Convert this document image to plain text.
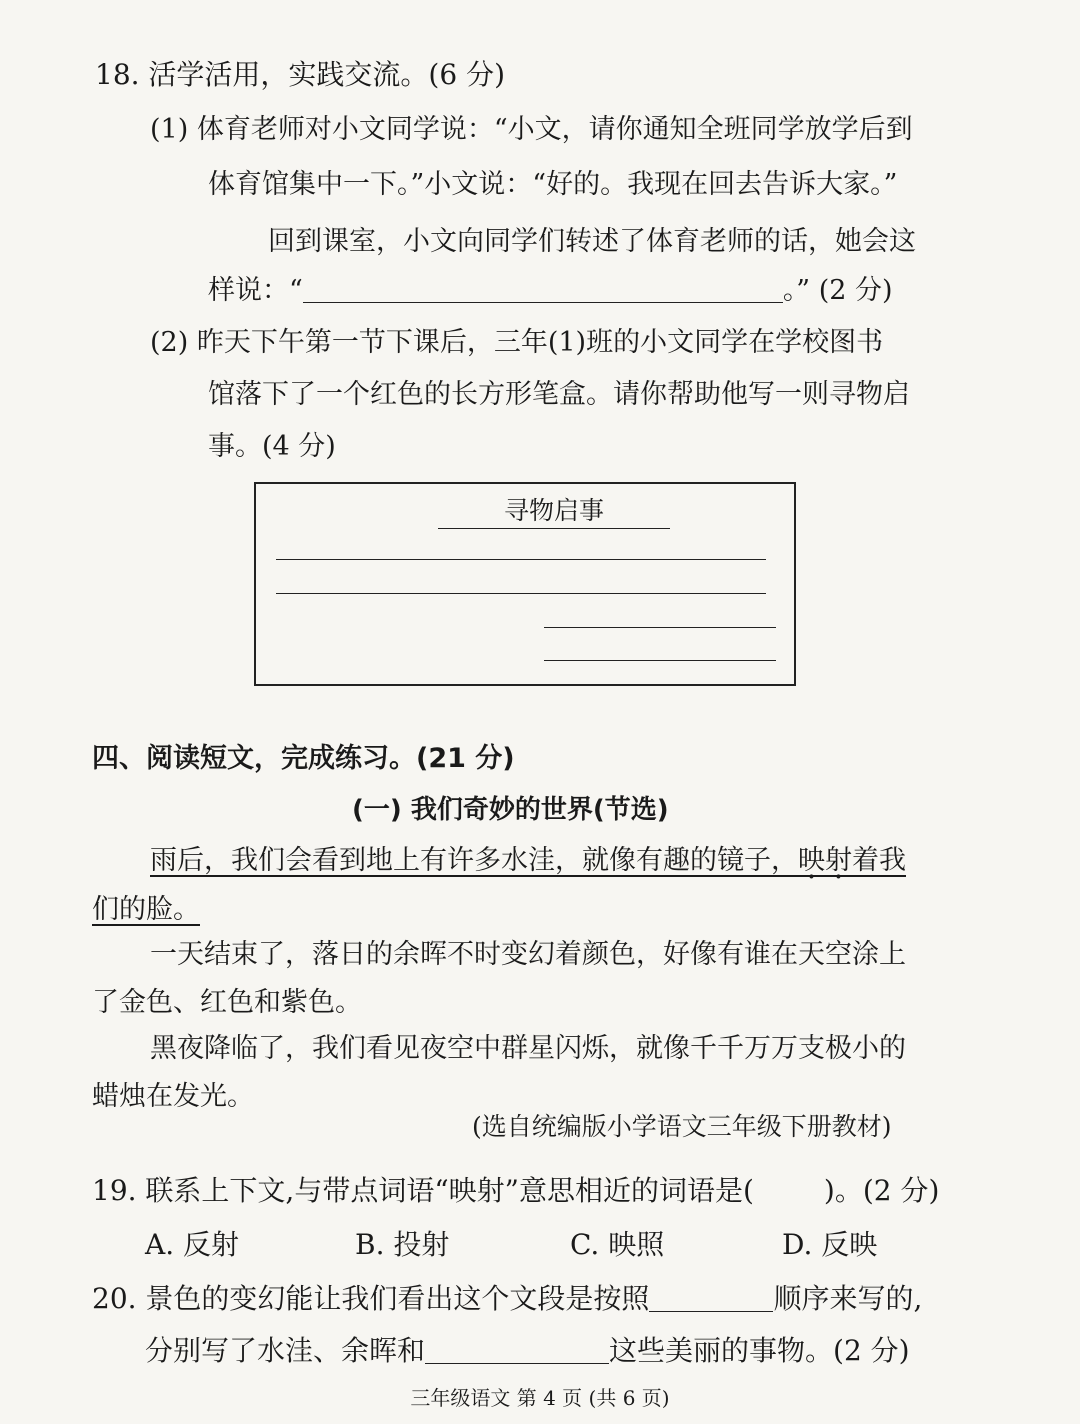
18. 活学活用，实践交流。(6 分)
(1) 体育老师对小文同学说：“小文，请你通知全班同学放学后到
体育馆集中一下。”小文说：“好的。我现在回去告诉大家。”
回到课室，小文向同学们转述了体育老师的话，她会这
样说：“	。” (2 分)
(2) 昨天下午第一节下课后，三年(1)班的小文同学在学校图书
馆落下了一个红色的长方形笔盒。请你帮助他写一则寻物启
事。(4 分)
寻物启事
四、阅读短文，完成练习。(21 分)
(一) 我们奇妙的世界(节选)
雨后，我们会看到地上有许多水洼，就像有趣的镜子，映射着我
们的脸。
一天结束了，落日的余晖不时变幻着颜色，好像有谁在天空涂上
了金色、红色和紫色。
黑夜降临了，我们看见夜空中群星闪烁，就像千千万万支极小的
蜡烛在发光。
(选自统编版小学语文三年级下册教材)
19. 联系上下文,与带点词语“映射”意思相近的词语是(	)。(2 分)
A. 反射	B. 投射	C. 映照	D. 反映
20. 景色的变幻能让我们看出这个文段是按照	顺序来写的,
分别写了水洼、余晖和	这些美丽的事物。(2 分)
三年级语文 第 4 页 (共 6 页)
